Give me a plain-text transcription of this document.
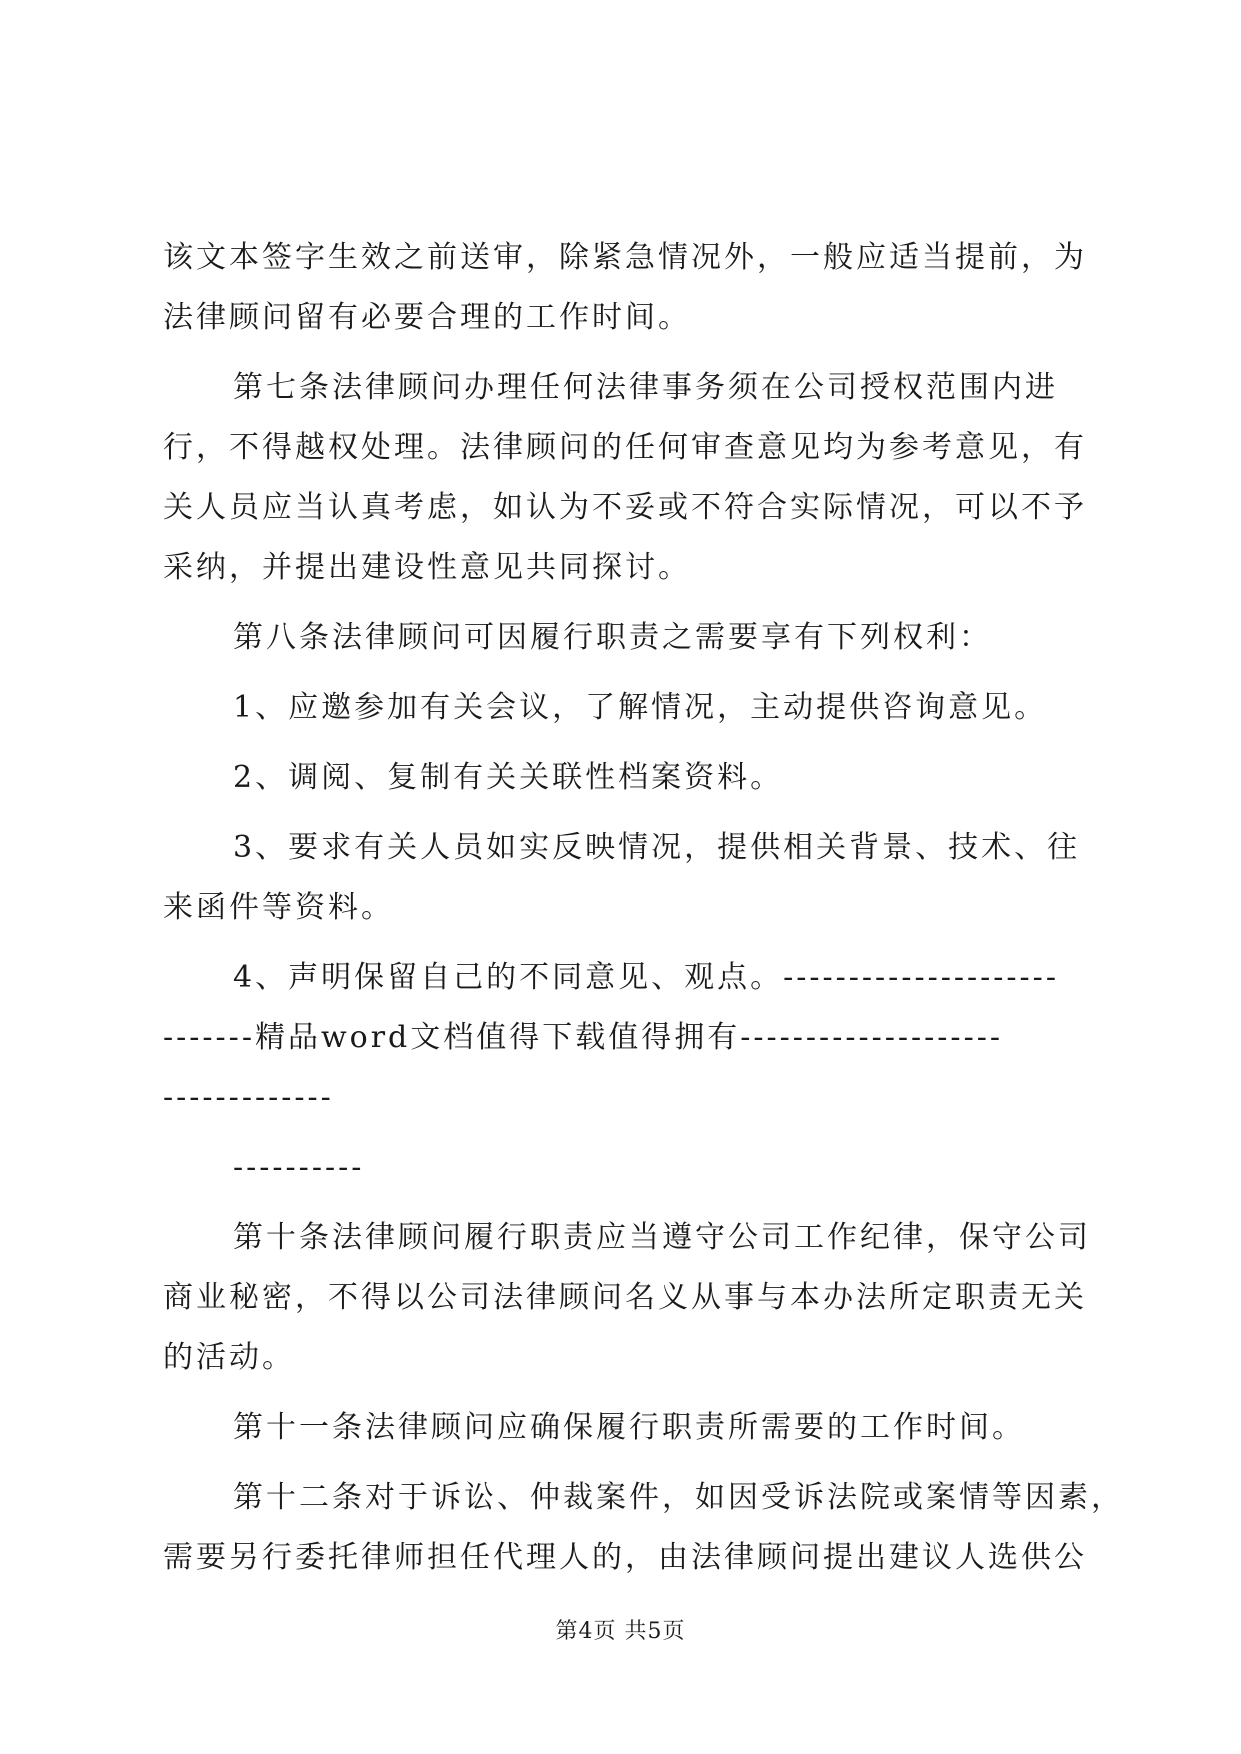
该文本签字生效之前送审，除紧急情况外，一般应适当提前，为
法律顾问留有必要合理的工作时间。
第七条法律顾问办理任何法律事务须在公司授权范围内进
行，不得越权处理。法律顾问的任何审查意见均为参考意见，有
关人员应当认真考虑，如认为不妥或不符合实际情况，可以不予
采纳，并提出建设性意见共同探讨。
第八条法律顾问可因履行职责之需要享有下列权利：
1、应邀参加有关会议，了解情况，主动提供咨询意见。
2、调阅、复制有关关联性档案资料。
3、要求有关人员如实反映情况，提供相关背景、技术、往
来函件等资料。
4、声明保留自己的不同意见、观点。---------------------
-------精品word文档值得下载值得拥有--------------------
-------------
----------
第十条法律顾问履行职责应当遵守公司工作纪律，保守公司
商业秘密，不得以公司法律顾问名义从事与本办法所定职责无关
的活动。
第十一条法律顾问应确保履行职责所需要的工作时间。
第十二条对于诉讼、仲裁案件，如因受诉法院或案情等因素，
需要另行委托律师担任代理人的，由法律顾问提出建议人选供公
第4页 共5页
